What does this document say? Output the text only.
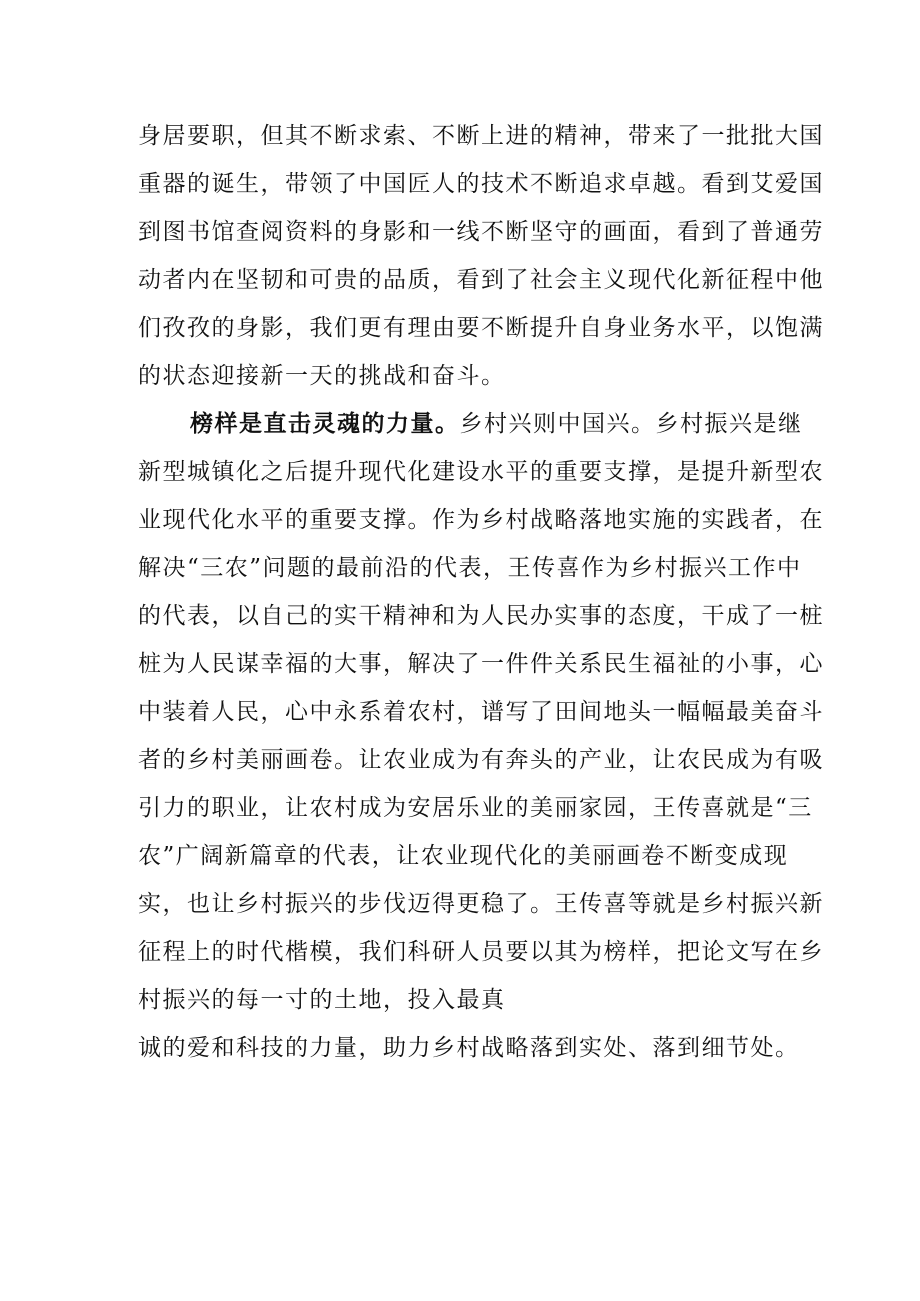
身居要职，但其不断求索、不断上进的精神，带来了一批批大国
重器的诞生，带领了中国匠人的技术不断追求卓越。看到艾爱国
到图书馆查阅资料的身影和一线不断坚守的画面，看到了普通劳
动者内在坚韧和可贵的品质，看到了社会主义现代化新征程中他
们孜孜的身影，我们更有理由要不断提升自身业务水平，以饱满
的状态迎接新一天的挑战和奋斗。
榜样是直击灵魂的力量。乡村兴则中国兴。乡村振兴是继
新型城镇化之后提升现代化建设水平的重要支撑，是提升新型农
业现代化水平的重要支撑。作为乡村战略落地实施的实践者，在
解决“三农”问题的最前沿的代表，王传喜作为乡村振兴工作中
的代表，以自己的实干精神和为人民办实事的态度，干成了一桩
桩为人民谋幸福的大事，解决了一件件关系民生福祉的小事，心
中装着人民，心中永系着农村，谱写了田间地头一幅幅最美奋斗
者的乡村美丽画卷。让农业成为有奔头的产业，让农民成为有吸
引力的职业，让农村成为安居乐业的美丽家园，王传喜就是“三
农”广阔新篇章的代表，让农业现代化的美丽画卷不断变成现
实，也让乡村振兴的步伐迈得更稳了。王传喜等就是乡村振兴新
征程上的时代楷模，我们科研人员要以其为榜样，把论文写在乡
村振兴的每一寸的土地，投入最真
诚的爱和科技的力量，助力乡村战略落到实处、落到细节处。
